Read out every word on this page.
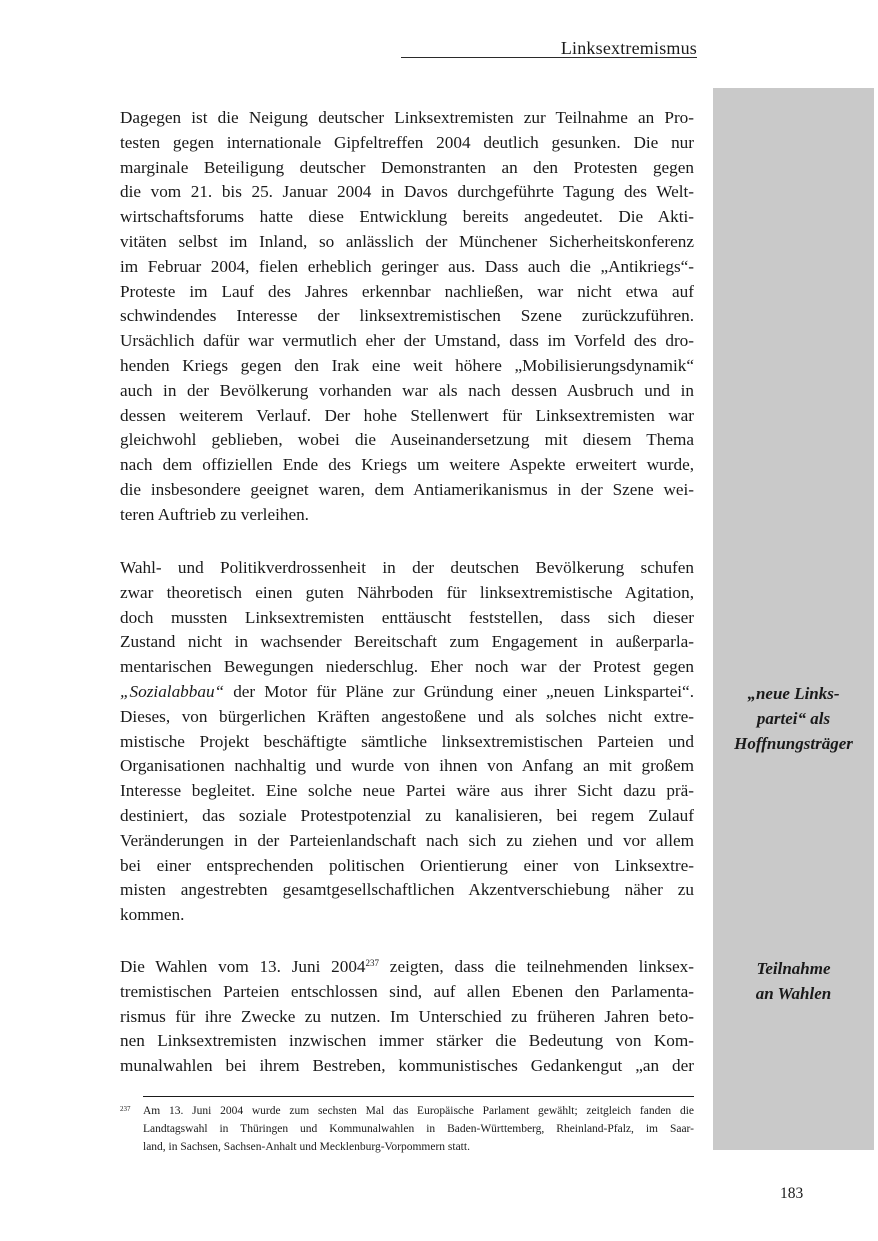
Linksextremismus
„neue Links-
partei“ als
Hoffnungsträger
Teilnahme
an Wahlen

Dagegen ist die Neigung deutscher Linksextremisten zur Teilnahme an Pro-

testen gegen internationale Gipfeltreffen 2004 deutlich gesunken. Die nur

marginale Beteiligung deutscher Demonstranten an den Protesten gegen

die vom 21. bis 25. Januar 2004 in Davos durchgeführte Tagung des Welt-

wirtschaftsforums hatte diese Entwicklung bereits angedeutet. Die Akti-

vitäten selbst im Inland, so anlässlich der Münchener Sicherheitskonferenz

im Februar 2004, fielen erheblich geringer aus. Dass auch die „Antikriegs“-

Proteste im Lauf des Jahres erkennbar nachließen, war nicht etwa auf

schwindendes Interesse der linksextremistischen Szene zurückzuführen.

Ursächlich dafür war vermutlich eher der Umstand, dass im Vorfeld des dro-

henden Kriegs gegen den Irak eine weit höhere „Mobilisierungsdynamik“

auch in der Bevölkerung vorhanden war als nach dessen Ausbruch und in

dessen weiterem Verlauf. Der hohe Stellenwert für Linksextremisten war

gleichwohl geblieben, wobei die Auseinandersetzung mit diesem Thema

nach dem offiziellen Ende des Kriegs um weitere Aspekte erweitert wurde,

die insbesondere geeignet waren, dem Antiamerikanismus in der Szene wei-

teren Auftrieb zu verleihen.

Wahl- und Politikverdrossenheit in der deutschen Bevölkerung schufen

zwar theoretisch einen guten Nährboden für linksextremistische Agitation,

doch mussten Linksextremisten enttäuscht feststellen, dass sich dieser

Zustand nicht in wachsender Bereitschaft zum Engagement in außerparla-

mentarischen Bewegungen niederschlug. Eher noch war der Protest gegen

„Sozialabbau“ der Motor für Pläne zur Gründung einer „neuen Linkspartei“.

Dieses, von bürgerlichen Kräften angestoßene und als solches nicht extre-

mistische Projekt beschäftigte sämtliche linksextremistischen Parteien und

Organisationen nachhaltig und wurde von ihnen von Anfang an mit großem

Interesse begleitet. Eine solche neue Partei wäre aus ihrer Sicht dazu prä-

destiniert, das soziale Protestpotenzial zu kanalisieren, bei regem Zulauf

Veränderungen in der Parteienlandschaft nach sich zu ziehen und vor allem

bei einer entsprechenden politischen Orientierung einer von Linksextre-

misten angestrebten gesamtgesellschaftlichen Akzentverschiebung näher zu

kommen.

Die Wahlen vom 13. Juni 2004$^{237}$ zeigten, dass die teilnehmenden linksex-

tremistischen Parteien entschlossen sind, auf allen Ebenen den Parlamenta-

rismus für ihre Zwecke zu nutzen. Im Unterschied zu früheren Jahren beto-

nen Linksextremisten inzwischen immer stärker die Bedeutung von Kom-

munalwahlen bei ihrem Bestreben, kommunistisches Gedankengut „an der

237 Am 13. Juni 2004 wurde zum sechsten Mal das Europäische Parlament gewählt; zeitgleich fanden die
Landtagswahl in Thüringen und Kommunalwahlen in Baden-Württemberg, Rheinland-Pfalz, im Saar-
land, in Sachsen, Sachsen-Anhalt und Mecklenburg-Vorpommern statt.
183
